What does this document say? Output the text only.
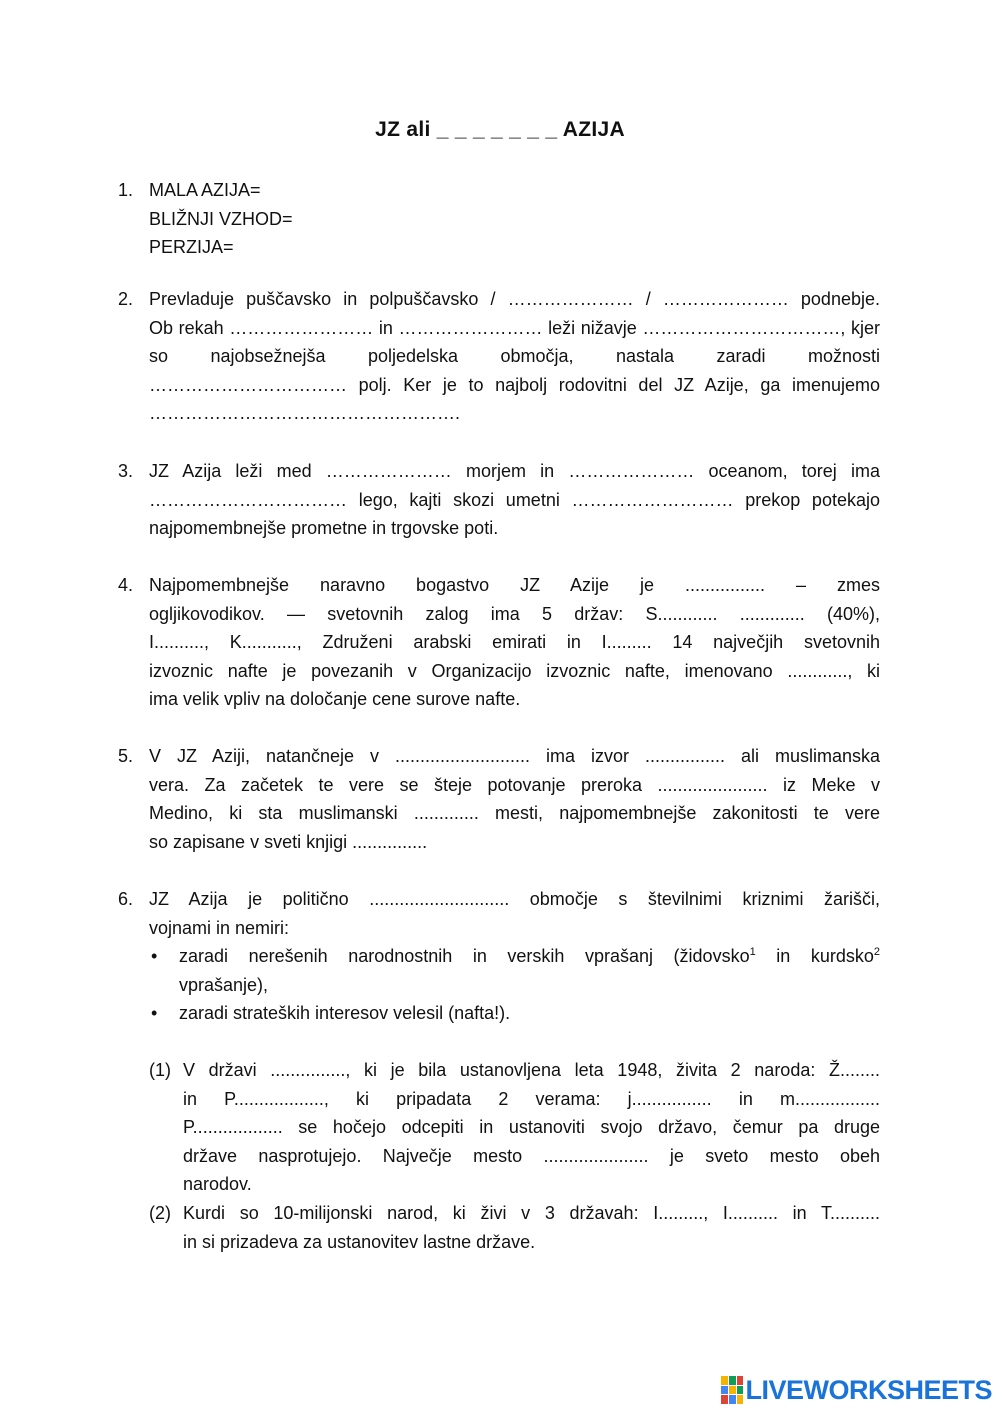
JZ ali _ _ _ _ _ _ _ AZIJA
1. MALA AZIJA=
BLIŽNJI VZHOD=
PERZIJA=
2. Prevladuje puščavsko in polpuščavsko / ………………… / ………………… podnebje.
Ob rekah …………………… in …………………… leži nižavje ……………………………, kjer
so najobsežnejša poljedelska območja, nastala zaradi možnosti
…………………………… polj. Ker je to najbolj rodovitni del JZ Azije, ga imenujemo
…………………………………………….
3. JZ Azija leži med ………………… morjem in ………………… oceanom, torej ima
…………………………… lego, kajti skozi umetni ……………………… prekop potekajo
najpomembnejše prometne in trgovske poti.
4. Najpomembnejše naravno bogastvo JZ Azije je ................ – zmes
ogljikovodikov. — svetovnih zalog ima 5 držav: S............ ............. (40%),
I.........., K..........., Združeni arabski emirati in I......... 14 največjih svetovnih
izvoznic nafte je povezanih v Organizacijo izvoznic nafte, imenovano ............, ki
ima velik vpliv na določanje cene surove nafte.
5. V JZ Aziji, natančneje v ........................... ima izvor ................ ali muslimanska
vera. Za začetek te vere se šteje potovanje preroka ...................... iz Meke v
Medino, ki sta muslimanski ............. mesti, najpomembnejše zakonitosti te vere
so zapisane v sveti knjigi ...............
6. JZ Azija je politično ............................ območje s številnimi kriznimi žarišči,
vojnami in nemiri:
• zaradi nerešenih narodnostnih in verskih vprašanj (židovsko$^1$ in kurdsko$^2$
vprašanje),
• zaradi strateških interesov velesil (nafta!).
(1) V državi ..............., ki je bila ustanovljena leta 1948, živita 2 naroda: Ž........
in P.................., ki pripadata 2 verama: j................ in m.................
P.................. se hočejo odcepiti in ustanoviti svojo državo, čemur pa druge
države nasprotujejo. Največje mesto ..................... je sveto mesto obeh
narodov.
(2) Kurdi so 10-milijonski narod, ki živi v 3 državah: I........., I.......... in T..........
in si prizadeva za ustanovitev lastne države.
LIVEWORKSHEETS
